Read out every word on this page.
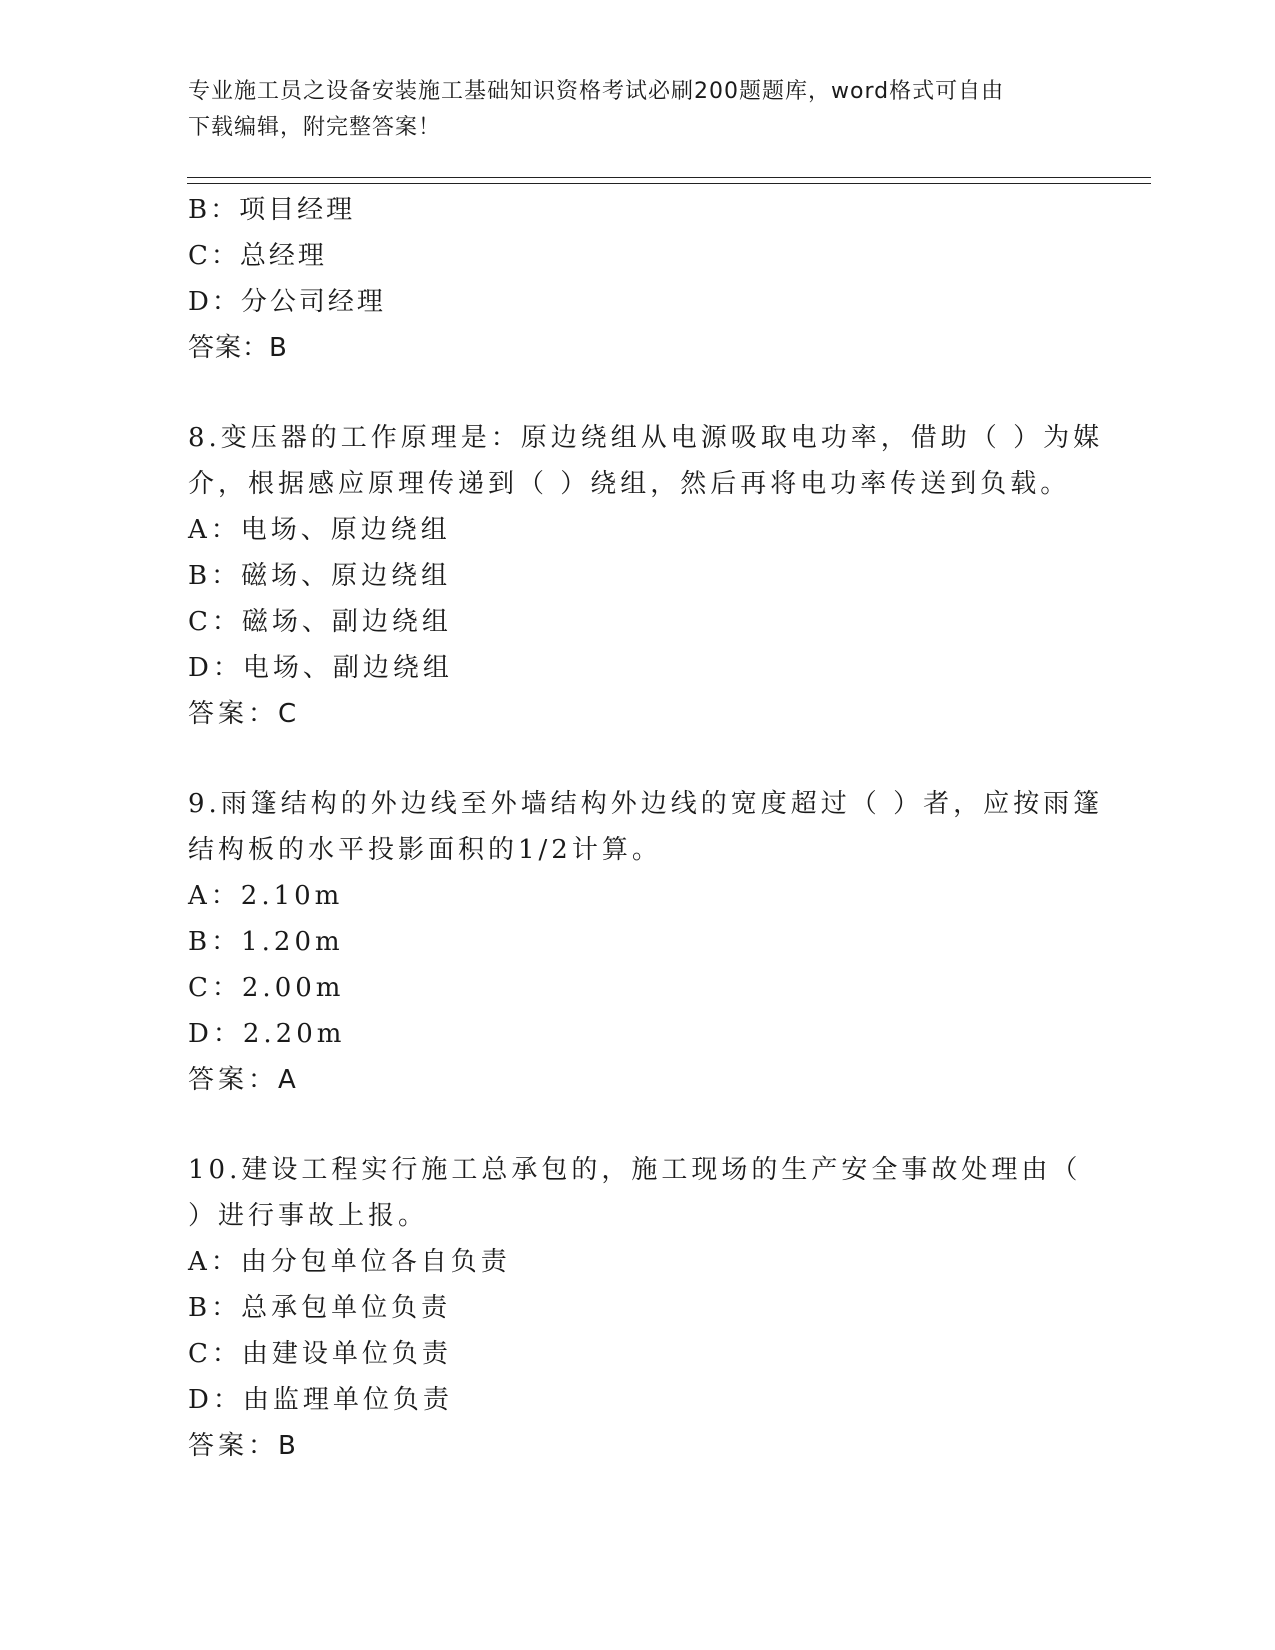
专业施工员之设备安装施工基础知识资格考试必刷200题题库，word格式可自由
下载编辑，附完整答案！
B：项目经理
C：总经理
D：分公司经理
答案：B
8.变压器的工作原理是：原边绕组从电源吸取电功率，借助（ ）为媒
介，根据感应原理传递到（ ）绕组，然后再将电功率传送到负载。
A：电场、原边绕组
B：磁场、原边绕组
C：磁场、副边绕组
D：电场、副边绕组
答案：C
9.雨篷结构的外边线至外墙结构外边线的宽度超过（ ）者，应按雨篷
结构板的水平投影面积的1/2计算。
A：2.10m
B：1.20m
C：2.00m
D：2.20m
答案：A
10.建设工程实行施工总承包的，施工现场的生产安全事故处理由（
）进行事故上报。
A：由分包单位各自负责
B：总承包单位负责
C：由建设单位负责
D：由监理单位负责
答案：B
